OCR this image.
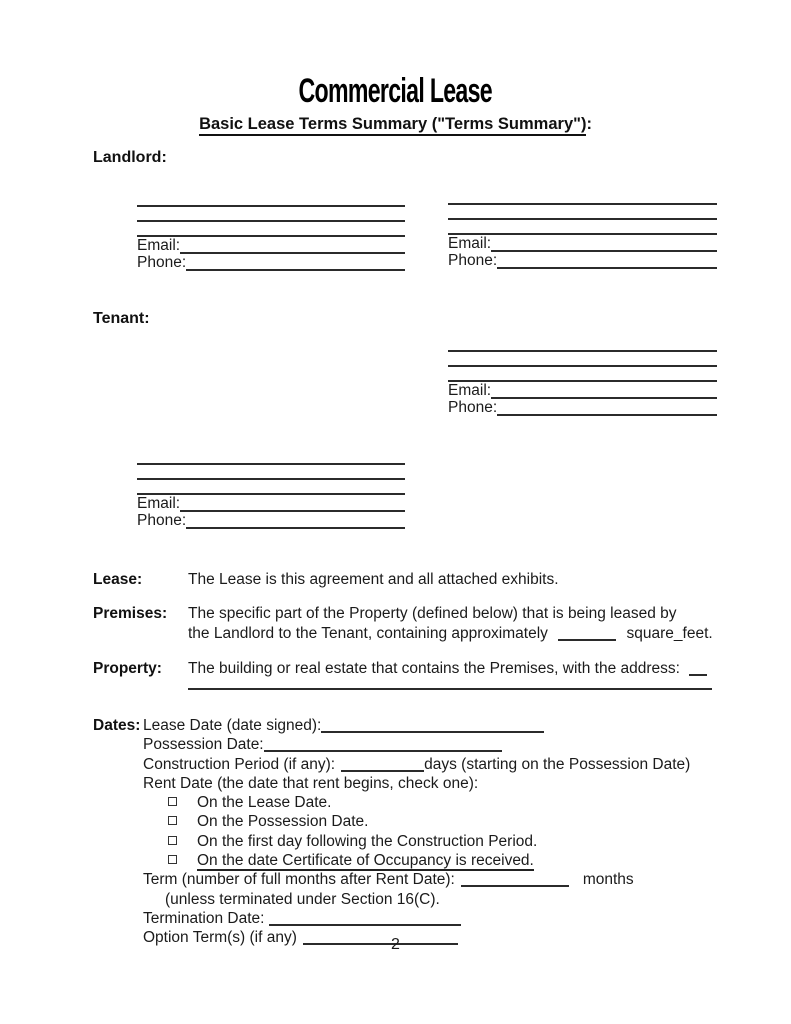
Commercial Lease
Basic Lease Terms Summary ("Terms Summary"):
Landlord:
Email:
Phone:
Email:
Phone:
Tenant:
Email:
Phone:
Email:
Phone:
Lease:	The Lease is this agreement and all attached exhibits.
Premises: The specific part of the Property (defined below) that is being leased by
the Landlord to the Tenant, containing approximately	square_feet.
Property: The building or real estate that contains the Premises, with the address:
Dates: Lease Date (date signed):
Possession Date:
Construction Period (if any):	days (starting on the Possession Date)
Rent Date (the date that rent begins, check one):
On the Lease Date.
On the Possession Date.
On the first day following the Construction Period.
On the date Certificate of Occupancy is received.
Term (number of full months after Rent Date):	months
(unless terminated under Section 16(C).
Termination Date:
Option Term(s) (if any)	2
